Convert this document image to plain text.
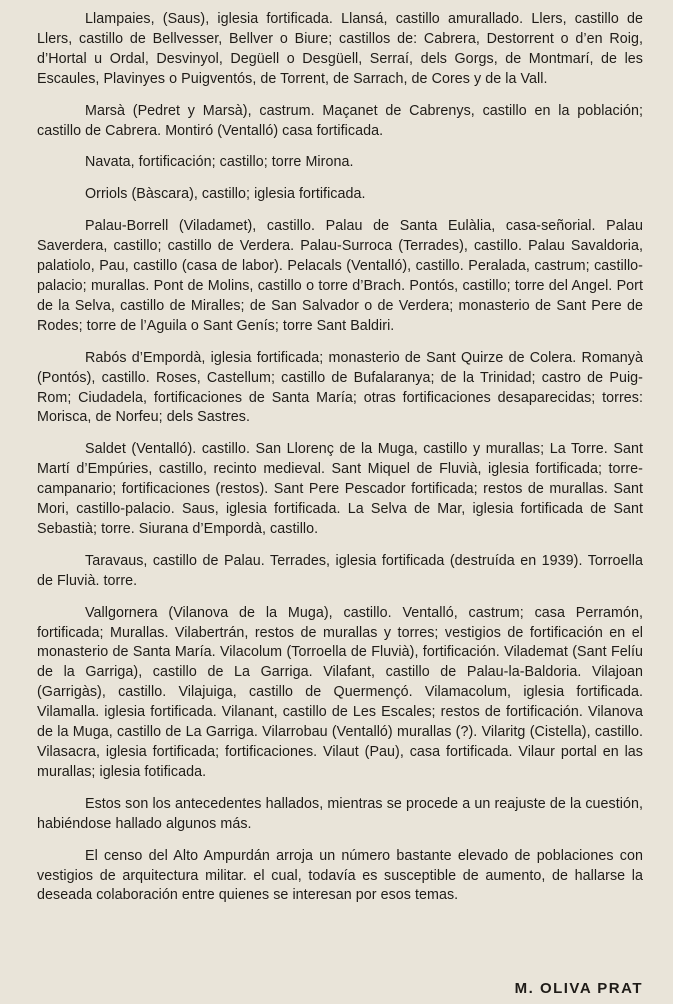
Llampaies, (Saus), iglesia fortificada. Llansá, castillo amurallado. Llers, castillo de Llers, castillo de Bellvesser, Bellver o Biure; castillos de: Cabrera, Destorrent o d’en Roig, d’Hortal u Ordal, Desvinyol, Degüell o Desgüell, Serraí, dels Gorgs, de Montmarí, de les Escaules, Plavinyes o Puigventós, de Torrent, de Sarrach, de Cores y de la Vall.

Marsà (Pedret y Marsà), castrum. Maçanet de Cabrenys, castillo en la población; castillo de Cabrera. Montiró (Ventalló) casa fortificada.

Navata, fortificación; castillo; torre Mirona.

Orriols (Bàscara), castillo; iglesia fortificada.

Palau-Borrell (Viladamet), castillo. Palau de Santa Eulàlia, casa-señorial. Palau Saverdera, castillo; castillo de Verdera. Palau-Surroca (Terrades), castillo. Palau Savaldoria, palatiolo, Pau, castillo (casa de labor). Pelacals (Ventalló), castillo. Peralada, castrum; castillo-palacio; murallas. Pont de Molins, castillo o torre d’Brach. Pontós, castillo; torre del Angel. Port de la Selva, castillo de Miralles; de San Salvador o de Verdera; monasterio de Sant Pere de Rodes; torre de l’Aguila o Sant Genís; torre Sant Baldiri.

Rabós d’Empordà, iglesia fortificada; monasterio de Sant Quirze de Colera. Romanyà (Pontós), castillo. Roses, Castellum; castillo de Bufalaranya; de la Trinidad; castro de Puig-Rom; Ciudadela, fortificaciones de Santa María; otras fortificaciones desaparecidas; torres: Morisca, de Norfeu; dels Sastres.

Saldet (Ventalló). castillo. San Llorenç de la Muga, castillo y murallas; La Torre. Sant Martí d’Empúries, castillo, recinto medieval. Sant Miquel de Fluvià, iglesia fortificada; torre-campanario; fortificaciones (restos). Sant Pere Pescador fortificada; restos de murallas. Sant Mori, castillo-palacio. Saus, iglesia fortificada. La Selva de Mar, iglesia fortificada de Sant Sebastià; torre. Siurana d’Empordà, castillo.

Taravaus, castillo de Palau. Terrades, iglesia fortificada (destruída en 1939). Torroella de Fluvià. torre.

Vallgornera (Vilanova de la Muga), castillo. Ventalló, castrum; casa Perramón, fortificada; Murallas. Vilabertrán, restos de murallas y torres; vestigios de fortificación en el monasterio de Santa María. Vilacolum (Torroella de Fluvià), fortificación. Vilademat (Sant Felíu de la Garriga), castillo de La Garriga. Vilafant, castillo de Palau-la-Baldoria. Vilajoan (Garrigàs), castillo. Vilajuiga, castillo de Quermençó. Vilamacolum, iglesia fortificada. Vilamalla. iglesia fortificada. Vilanant, castillo de Les Escales; restos de fortificación. Vilanova de la Muga, castillo de La Garriga. Vilarrobau (Ventalló) murallas (?). Vilaritg (Cistella), castillo. Vilasacra, iglesia fortificada; fortificaciones. Vilaut (Pau), casa fortificada. Vilaur portal en las murallas; iglesia fotificada.

Estos son los antecedentes hallados, mientras se procede a un reajuste de la cuestión, habiéndose hallado algunos más.

El censo del Alto Ampurdán arroja un número bastante elevado de poblaciones con vestigios de arquitectura militar. el cual, todavía es susceptible de aumento, de hallarse la deseada colaboración entre quienes se interesan por esos temas.

M. OLIVA PRAT
